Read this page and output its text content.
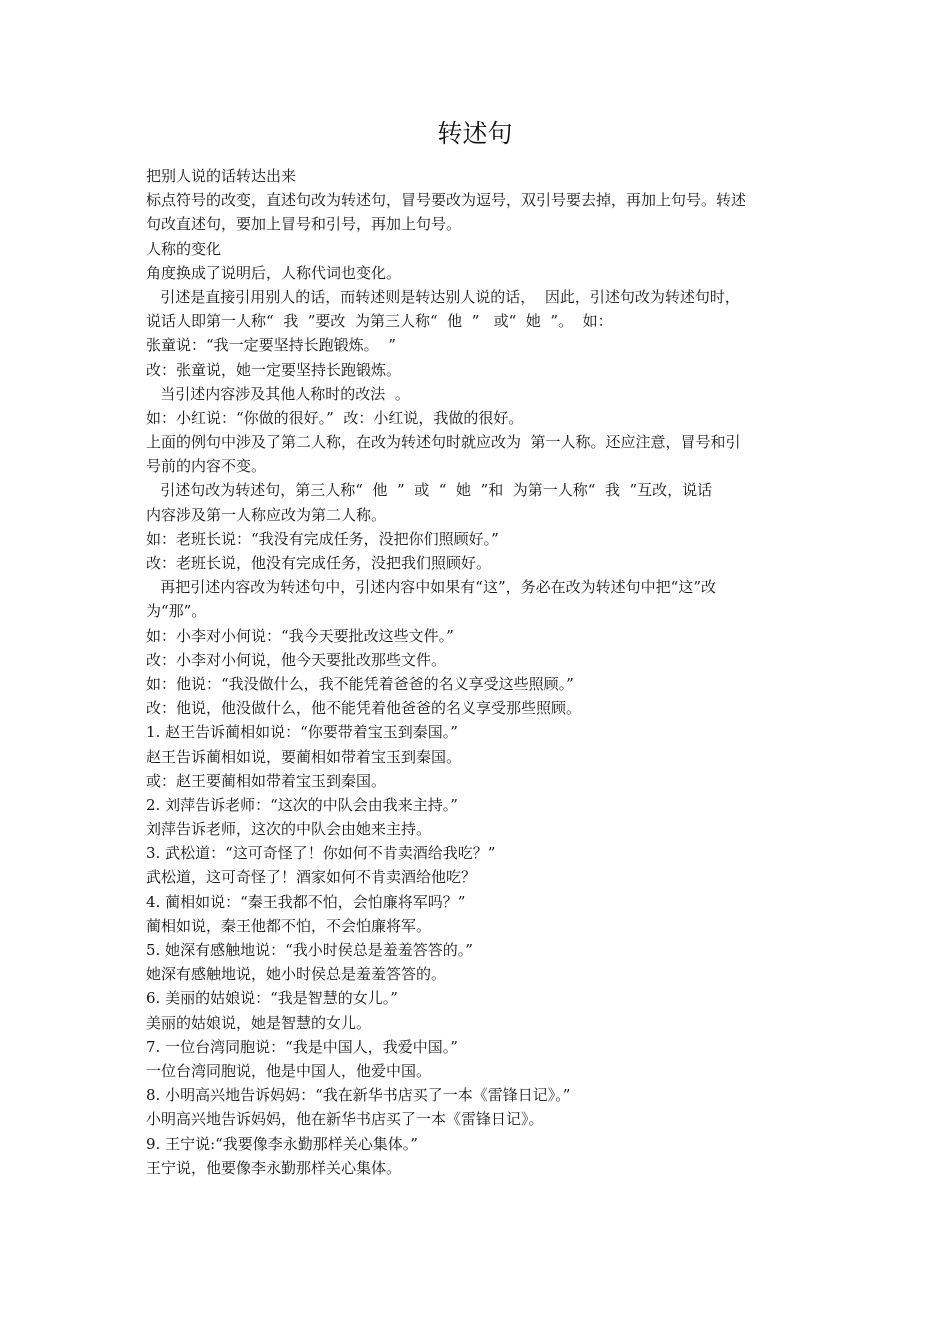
转述句
把别人说的话转达出来
标点符号的改变，直述句改为转述句，冒号要改为逗号，双引号要去掉，再加上句号。转述
句改直述句，要加上冒号和引号，再加上句号。
人称的变化
角度换成了说明后，人称代词也变化。
引述是直接引用别人的话，而转述则是转达别人说的话，  因此，引述句改为转述句时，
说话人即第一人称“  我  ”要改  为第三人称“  他  ”   或“  她  ”。  如：
张童说：“我一定要坚持长跑锻炼。  ”
改：张童说，她一定要坚持长跑锻炼。
当引述内容涉及其他人称时的改法  。
如：小红说：“你做的很好。”  改：小红说，我做的很好。
上面的例句中涉及了第二人称，在改为转述句时就应改为  第一人称。还应注意，冒号和引
号前的内容不变。
引述句改为转述句，第三人称“  他  ”  或  “  她  ”和  为第一人称“  我  ”互改，说话
内容涉及第一人称应改为第二人称。
如：老班长说：“我没有完成任务，没把你们照顾好。”
改：老班长说，他没有完成任务，没把我们照顾好。
再把引述内容改为转述句中，引述内容中如果有“这”，务必在改为转述句中把“这”改
为“那”。
如：小李对小何说：“我今天要批改这些文件。”
改：小李对小何说，他今天要批改那些文件。
如：他说：“我没做什么，我不能凭着爸爸的名义享受这些照顾。”
改：他说，他没做什么，他不能凭着他爸爸的名义享受那些照顾。
1. 赵王告诉蔺相如说：“你要带着宝玉到秦国。”
赵王告诉蔺相如说，要蔺相如带着宝玉到秦国。
或：赵王要蔺相如带着宝玉到秦国。
2. 刘萍告诉老师：“这次的中队会由我来主持。”
刘萍告诉老师，这次的中队会由她来主持。
3. 武松道：“这可奇怪了！你如何不肯卖酒给我吃？”
武松道，这可奇怪了！酒家如何不肯卖酒给他吃？
4. 蔺相如说：“秦王我都不怕，会怕廉将军吗？”
蔺相如说，秦王他都不怕，不会怕廉将军。
5. 她深有感触地说：“我小时侯总是羞羞答答的。”
她深有感触地说，她小时侯总是羞羞答答的。
6. 美丽的姑娘说：“我是智慧的女儿。”
美丽的姑娘说，她是智慧的女儿。
7. 一位台湾同胞说：“我是中国人，我爱中国。”
一位台湾同胞说，他是中国人，他爱中国。
8. 小明高兴地告诉妈妈：“我在新华书店买了一本《雷锋日记》。”
小明高兴地告诉妈妈，他在新华书店买了一本《雷锋日记》。
9. 王宁说:“我要像李永勤那样关心集体。”
王宁说，他要像李永勤那样关心集体。
